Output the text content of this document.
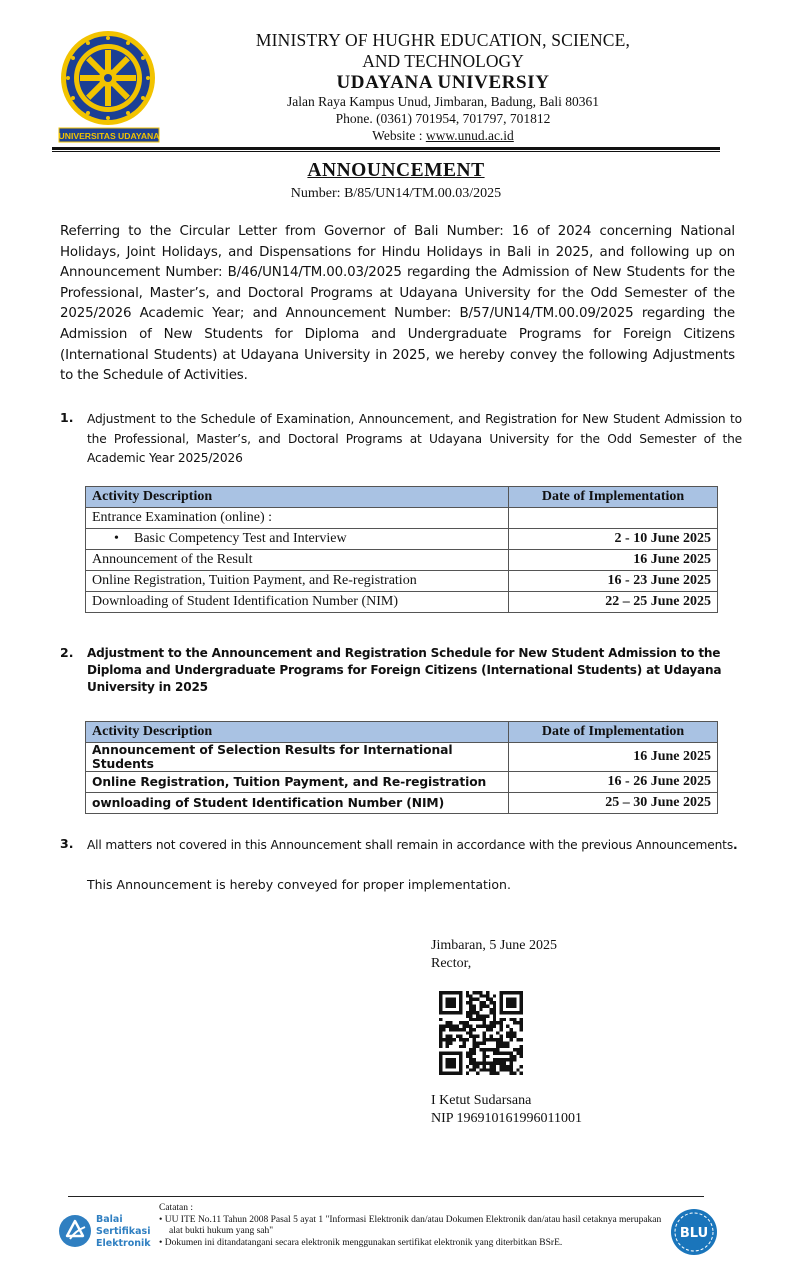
UNIVERSITAS UDAYANA
MINISTRY OF HUGHR EDUCATION, SCIENCE,
AND TECHNOLOGY
UDAYANA UNIVERSIY
Jalan Raya Kampus Unud, Jimbaran, Badung, Bali 80361
Phone. (0361) 701954, 701797, 701812
Website : www.unud.ac.id
ANNOUNCEMENT
Number: B/85/UN14/TM.00.03/2025
Referring to the Circular Letter from Governor of Bali Number: 16 of 2024 concerning National Holidays, Joint Holidays, and Dispensations for Hindu Holidays in Bali in 2025, and following up on Announcement Number: B/46/UN14/TM.00.03/2025 regarding the Admission of New Students for the Professional, Master’s, and Doctoral Programs at Udayana University for the Odd Semester of the 2025/2026 Academic Year; and Announcement Number: B/57/UN14/TM.00.09/2025 regarding the Admission of New Students for Diploma and Undergraduate Programs for Foreign Citizens (International Students) at Udayana University in 2025, we hereby convey the following Adjustments to the Schedule of Activities.
1. Adjustment to the Schedule of Examination, Announcement, and Registration for New Student Admission to the Professional, Master’s, and Doctoral Programs at Udayana University for the Odd Semester of the Academic Year 2025/2026
Activity Description	Date of Implementation
Entrance Examination (online) :	
• Basic Competency Test and Interview	2 - 10 June 2025
Announcement of the Result	16 June 2025
Online Registration, Tuition Payment, and Re-registration	16 - 23 June 2025
Downloading of Student Identification Number (NIM)	22 – 25 June 2025
2. Adjustment to the Announcement and Registration Schedule for New Student Admission to the Diploma and Undergraduate Programs for Foreign Citizens (International Students) at Udayana University in 2025
Activity Description	Date of Implementation
Announcement of Selection Results for International Students	16 June 2025
Online Registration, Tuition Payment, and Re-registration	16 - 26 June 2025
ownloading of Student Identification Number (NIM)	25 – 30 June 2025
3. All matters not covered in this Announcement shall remain in accordance with the previous Announcements.
This Announcement is hereby conveyed for proper implementation.
Jimbaran, 5 June 2025
Rector,
I Ketut Sudarsana
NIP 196910161996011001
Balai
Sertifikasi
Elektronik
Catatan :
• UU ITE No.11 Tahun 2008 Pasal 5 ayat 1 "Informasi Elektronik dan/atau Dokumen Elektronik dan/atau hasil cetaknya merupakan alat bukti hukum yang sah"
• Dokumen ini ditandatangani secara elektronik menggunakan sertifikat elektronik yang diterbitkan BSrE.
BLU
